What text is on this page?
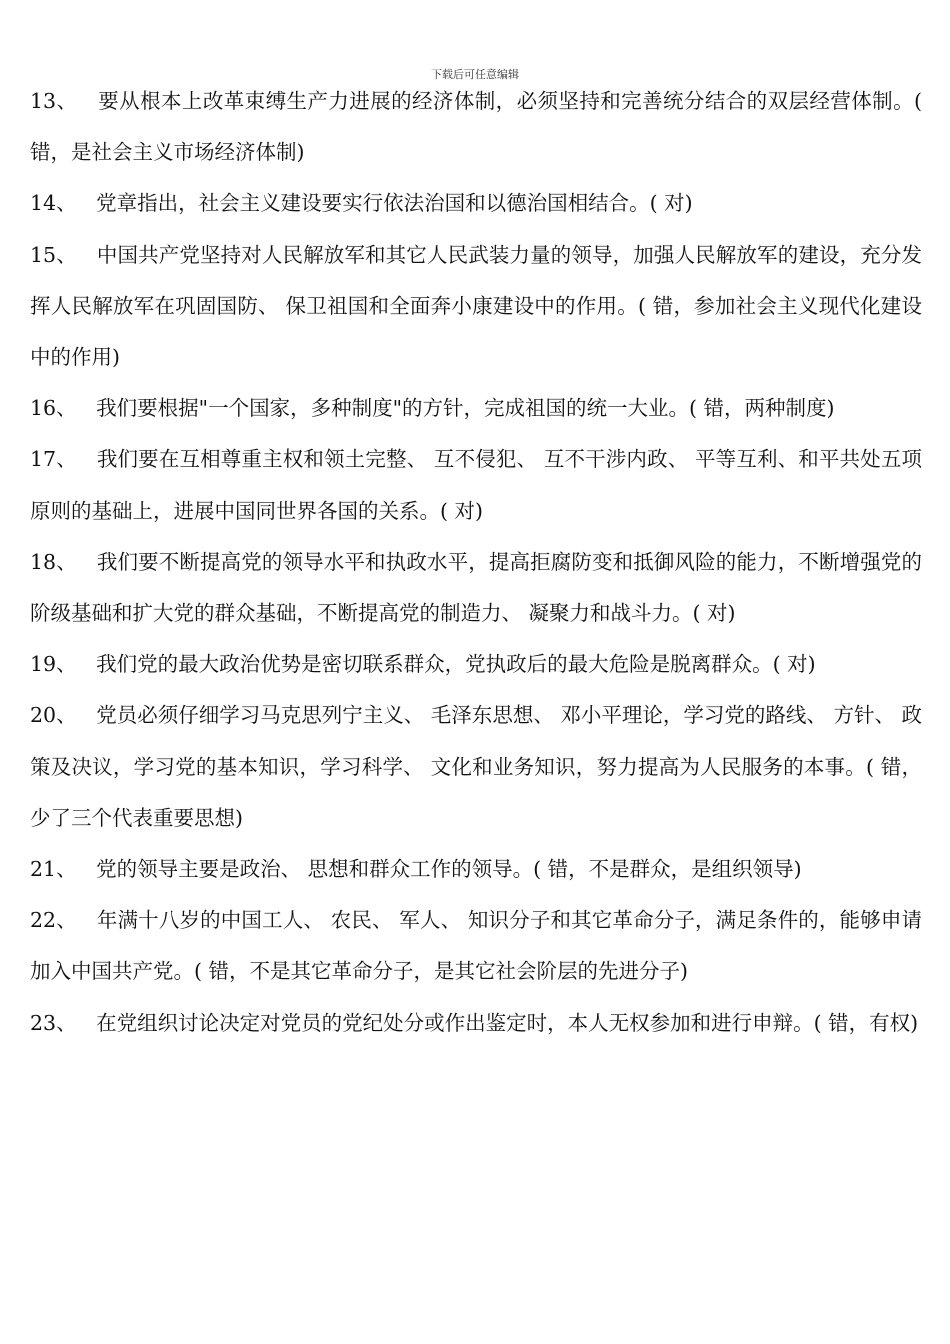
下载后可任意编辑

13、 要从根本上改革束缚生产力进展的经济体制，必须坚持和完善统分结合的双层经营体制。( 错，是社会主义市场经济体制)

14、 党章指出，社会主义建设要实行依法治国和以德治国相结合。( 对)

15、 中国共产党坚持对人民解放军和其它人民武装力量的领导，加强人民解放军的建设，充分发挥人民解放军在巩固国防、 保卫祖国和全面奔小康建设中的作用。( 错，参加社会主义现代化建设中的作用)

16、 我们要根据"一个国家，多种制度"的方针，完成祖国的统一大业。( 错，两种制度)

17、 我们要在互相尊重主权和领土完整、 互不侵犯、 互不干涉内政、 平等互利、和平共处五项原则的基础上，进展中国同世界各国的关系。( 对)

18、 我们要不断提高党的领导水平和执政水平，提高拒腐防变和抵御风险的能力，不断增强党的阶级基础和扩大党的群众基础，不断提高党的制造力、 凝聚力和战斗力。( 对)

19、 我们党的最大政治优势是密切联系群众，党执政后的最大危险是脱离群众。( 对)

20、 党员必须仔细学习马克思列宁主义、 毛泽东思想、 邓小平理论，学习党的路线、 方针、 政策及决议，学习党的基本知识，学习科学、 文化和业务知识，努力提高为人民服务的本事。( 错，少了三个代表重要思想)

21、 党的领导主要是政治、 思想和群众工作的领导。( 错，不是群众，是组织领导)

22、 年满十八岁的中国工人、 农民、 军人、 知识分子和其它革命分子，满足条件的，能够申请加入中国共产党。( 错，不是其它革命分子，是其它社会阶层的先进分子)

23、 在党组织讨论决定对党员的党纪处分或作出鉴定时，本人无权参加和进行申辩。( 错，有权)
